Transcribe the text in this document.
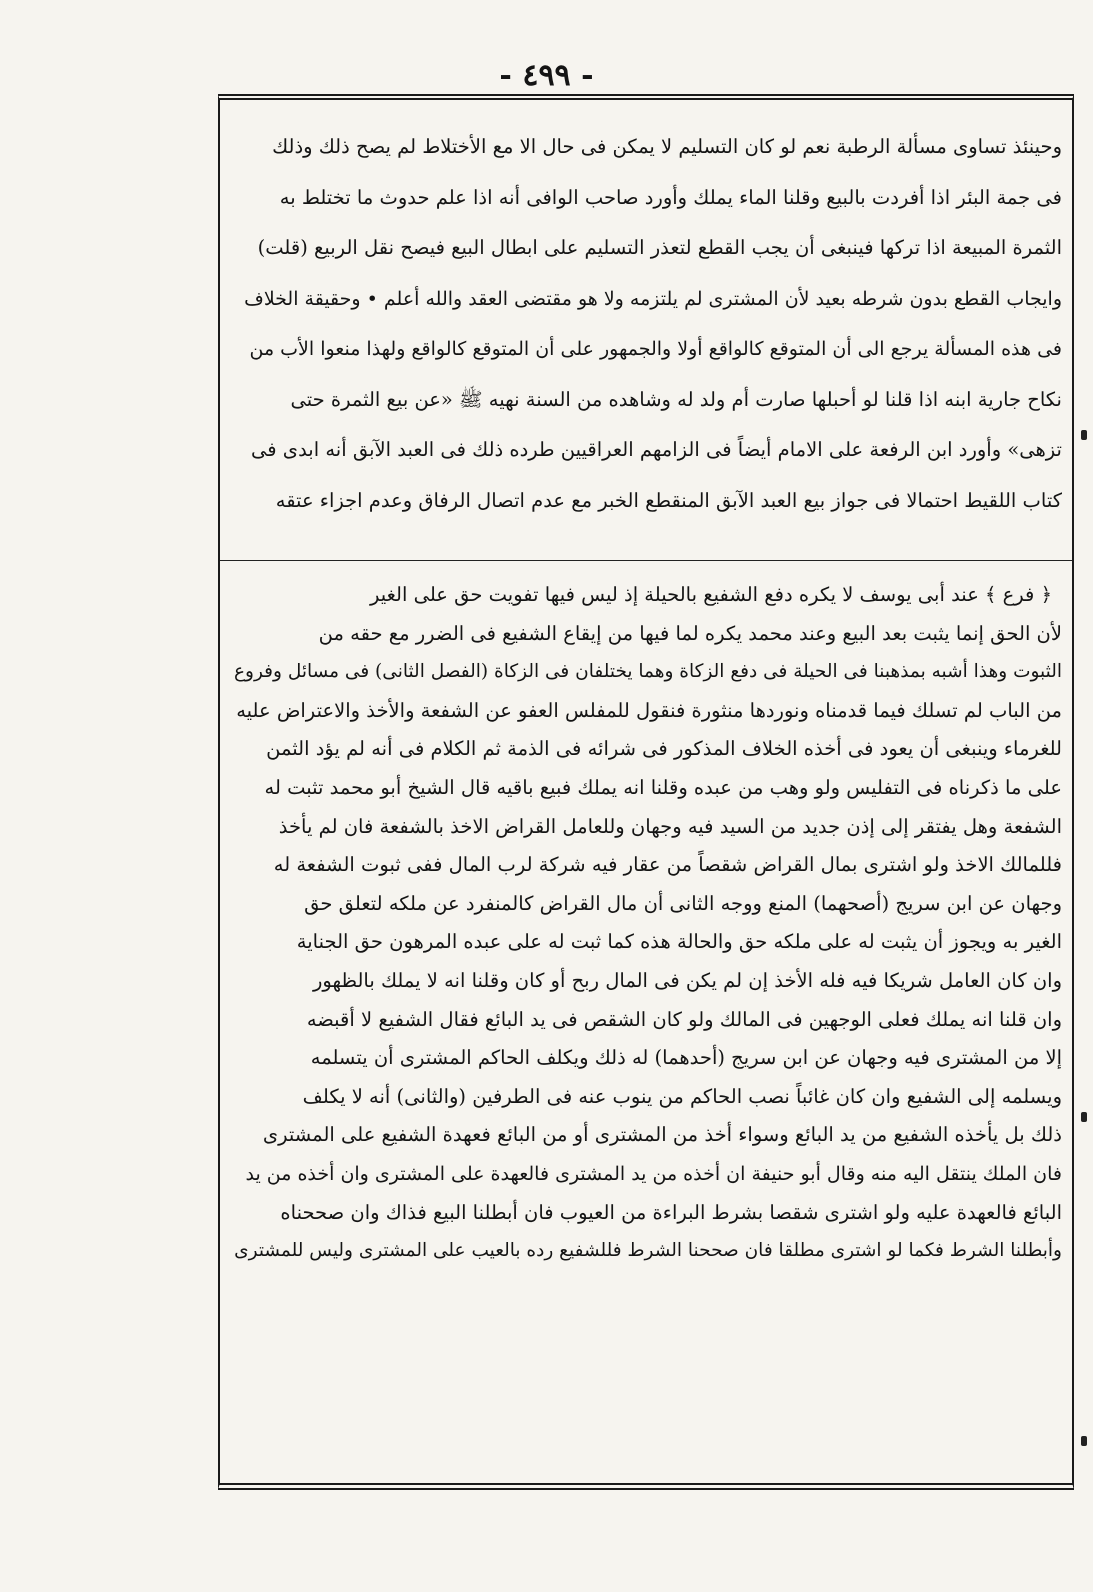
- ٤٩٩ -
وحينئذ تساوى مسألة الرطبة نعم لو كان التسليم لا يمكن فى حال الا مع الأختلاط لم يصح ذلك وذلك
فى جمة البئر اذا أفردت بالبيع وقلنا الماء يملك وأورد صاحب الوافى أنه اذا علم حدوث ما تختلط به
الثمرة المبيعة اذا تركها فينبغى أن يجب القطع لتعذر التسليم على ابطال البيع فيصح نقل الربيع (قلت)
وايجاب القطع بدون شرطه بعيد لأن المشترى لم يلتزمه ولا هو مقتضى العقد والله أعلم • وحقيقة الخلاف
فى هذه المسألة يرجع الى أن المتوقع كالواقع أولا والجمهور على أن المتوقع كالواقع ولهذا منعوا الأب من
نكاح جارية ابنه اذا قلنا لو أحبلها صارت أم ولد له وشاهده من السنة نهيه ﷺ «عن بيع الثمرة حتى
تزهى» وأورد ابن الرفعة على الامام أيضاً فى الزامهم العراقيين طرده ذلك فى العبد الآبق أنه ابدى فى
كتاب اللقيط احتمالا فى جواز بيع العبد الآبق المنقطع الخبر مع عدم اتصال الرفاق وعدم اجزاء عتقه
﴿ فرع ﴾ عند أبى يوسف لا يكره دفع الشفيع بالحيلة إذ ليس فيها تفويت حق على الغير
لأن الحق إنما يثبت بعد البيع وعند محمد يكره لما فيها من إيقاع الشفيع فى الضرر مع حقه من
الثبوت وهذا أشبه بمذهبنا فى الحيلة فى دفع الزكاة وهما يختلفان فى الزكاة (الفصل الثانى) فى مسائل وفروع
من الباب لم تسلك فيما قدمناه ونوردها منثورة فنقول للمفلس العفو عن الشفعة والأخذ والاعتراض عليه
للغرماء وينبغى أن يعود فى أخذه الخلاف المذكور فى شرائه فى الذمة ثم الكلام فى أنه لم يؤد الثمن
على ما ذكرناه فى التفليس ولو وهب من عبده وقلنا انه يملك فبيع باقيه قال الشيخ أبو محمد تثبت له
الشفعة وهل يفتقر إلى إذن جديد من السيد فيه وجهان وللعامل القراض الاخذ بالشفعة فان لم يأخذ
فللمالك الاخذ ولو اشترى بمال القراض شقصاً من عقار فيه شركة لرب المال ففى ثبوت الشفعة له
وجهان عن ابن سريج (أصحهما) المنع ووجه الثانى أن مال القراض كالمنفرد عن ملكه لتعلق حق
الغير به ويجوز أن يثبت له على ملكه حق والحالة هذه كما ثبت له على عبده المرهون حق الجناية
وان كان العامل شريكا فيه فله الأخذ إن لم يكن فى المال ربح أو كان وقلنا انه لا يملك بالظهور
وان قلنا انه يملك فعلى الوجهين فى المالك ولو كان الشقص فى يد البائع فقال الشفيع لا أقبضه
إلا من المشترى فيه وجهان عن ابن سريج (أحدهما) له ذلك ويكلف الحاكم المشترى أن يتسلمه
ويسلمه إلى الشفيع وان كان غائباً نصب الحاكم من ينوب عنه فى الطرفين (والثانى) أنه لا يكلف
ذلك بل يأخذه الشفيع من يد البائع وسواء أخذ من المشترى أو من البائع فعهدة الشفيع على المشترى
فان الملك ينتقل اليه منه وقال أبو حنيفة ان أخذه من يد المشترى فالعهدة على المشترى وان أخذه من يد
البائع فالعهدة عليه ولو اشترى شقصا بشرط البراءة من العيوب فان أبطلنا البيع فذاك وان صححناه
وأبطلنا الشرط فكما لو اشترى مطلقا فان صححنا الشرط فللشفيع رده بالعيب على المشترى وليس للمشترى
